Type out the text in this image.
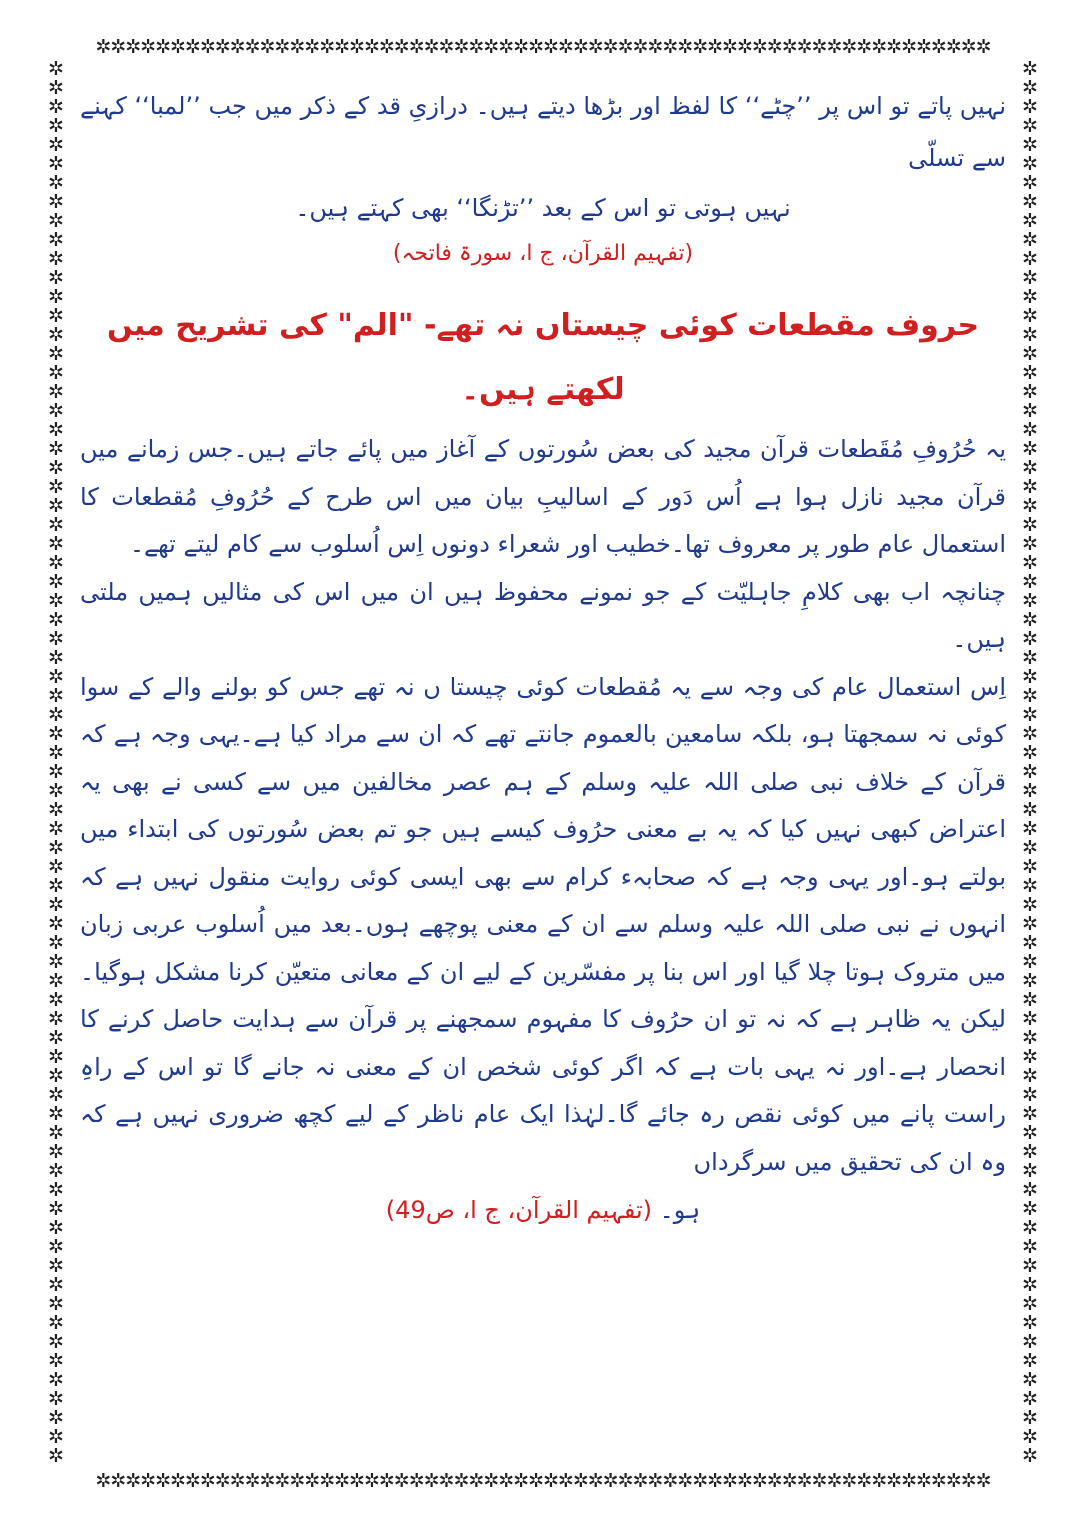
✲✲✲✲✲✲✲✲✲✲✲✲✲✲✲✲✲✲✲✲✲✲✲✲✲✲✲✲✲✲✲✲✲✲✲✲✲✲✲✲✲✲✲✲✲✲✲✲✲✲✲✲✲✲✲✲✲✲✲✲
✲✲✲✲✲✲✲✲✲✲✲✲✲✲✲✲✲✲✲✲✲✲✲✲✲✲✲✲✲✲✲✲✲✲✲✲✲✲✲✲✲✲✲✲✲✲✲✲✲✲✲✲✲✲✲✲✲✲✲✲
✲✲✲✲✲✲✲✲✲✲✲✲✲✲✲✲✲✲✲✲✲✲✲✲✲✲✲✲✲✲✲✲✲✲✲✲✲✲✲✲✲✲✲✲✲✲✲✲✲✲✲✲✲✲✲✲✲✲✲✲✲✲✲✲✲✲✲✲✲✲✲✲✲✲
✲✲✲✲✲✲✲✲✲✲✲✲✲✲✲✲✲✲✲✲✲✲✲✲✲✲✲✲✲✲✲✲✲✲✲✲✲✲✲✲✲✲✲✲✲✲✲✲✲✲✲✲✲✲✲✲✲✲✲✲✲✲✲✲✲✲✲✲✲✲✲✲✲✲

نہیں پاتے تو اس پر ’’چٹے‘‘ کا لفظ اور بڑھا دیتے ہیں۔ درازیِ قد کے ذکر میں جب ’’لمبا‘‘ کہنے سے تسلّی

نہیں ہوتی تو اس کے بعد ’’تڑنگا‘‘ بھی کہتے ہیں۔

(تفہیم القرآن، ج ا، سورۃ فاتحہ)

حروف مقطعات کوئی چیستاں نہ تھے- "الم" کی تشریح میں لکھتے ہیں۔

یہ حُرُوفِ مُقَطعات قرآن مجید کی بعض سُورتوں کے آغاز میں پائے جاتے ہیں۔جس زمانے میں قرآن مجید نازل ہوا ہے اُس دَور کے اسالیبِ بیان میں اس طرح کے حُرُوفِ مُقطعات کا استعمال عام طور پر معروف تھا۔خطیب اور شعراء دونوں اِس اُسلوب سے کام لیتے تھے۔

چنانچہ اب بھی کلامِ جاہلیّت کے جو نمونے محفوظ ہیں ان میں اس کی مثالیں ہمیں ملتی ہیں۔

اِس استعمال عام کی وجہ سے یہ مُقطعات کوئی چیستا ں نہ تھے جس کو بولنے والے کے سوا کوئی نہ سمجھتا ہو، بلکہ سامعین بالعموم جانتے تھے کہ ان سے مراد کیا ہے۔یہی وجہ ہے کہ قرآن کے خلاف نبی صلی اللہ علیہ وسلم کے ہم عصر مخالفین میں سے کسی نے بھی یہ اعتراض کبھی نہیں کیا کہ یہ بے معنی حرُوف کیسے ہیں جو تم بعض سُورتوں کی ابتداء میں بولتے ہو۔اور یہی وجہ ہے کہ صحابہء کرام سے بھی ایسی کوئی روایت منقول نہیں ہے کہ انہوں نے نبی صلی اللہ علیہ وسلم سے ان کے معنی پوچھے ہوں۔بعد میں اُسلوب عربی زبان میں متروک ہوتا چلا گیا اور اس بنا پر مفسّرین کے لیے ان کے معانی متعیّن کرنا مشکل ہوگیا۔لیکن یہ ظاہر ہے کہ نہ تو ان حرُوف کا مفہوم سمجھنے پر قرآن سے ہدایت حاصل کرنے کا انحصار ہے۔اور نہ یہی بات ہے کہ اگر کوئی شخص ان کے معنی نہ جانے گا تو اس کے راہِ راست پانے میں کوئی نقص رہ جائے گا۔لہٰذا ایک عام ناظر کے لیے کچھ ضروری نہیں ہے کہ وہ ان کی تحقیق میں سرگرداں

ہو۔ (تفہیم القرآن، ج ا، ص49)
